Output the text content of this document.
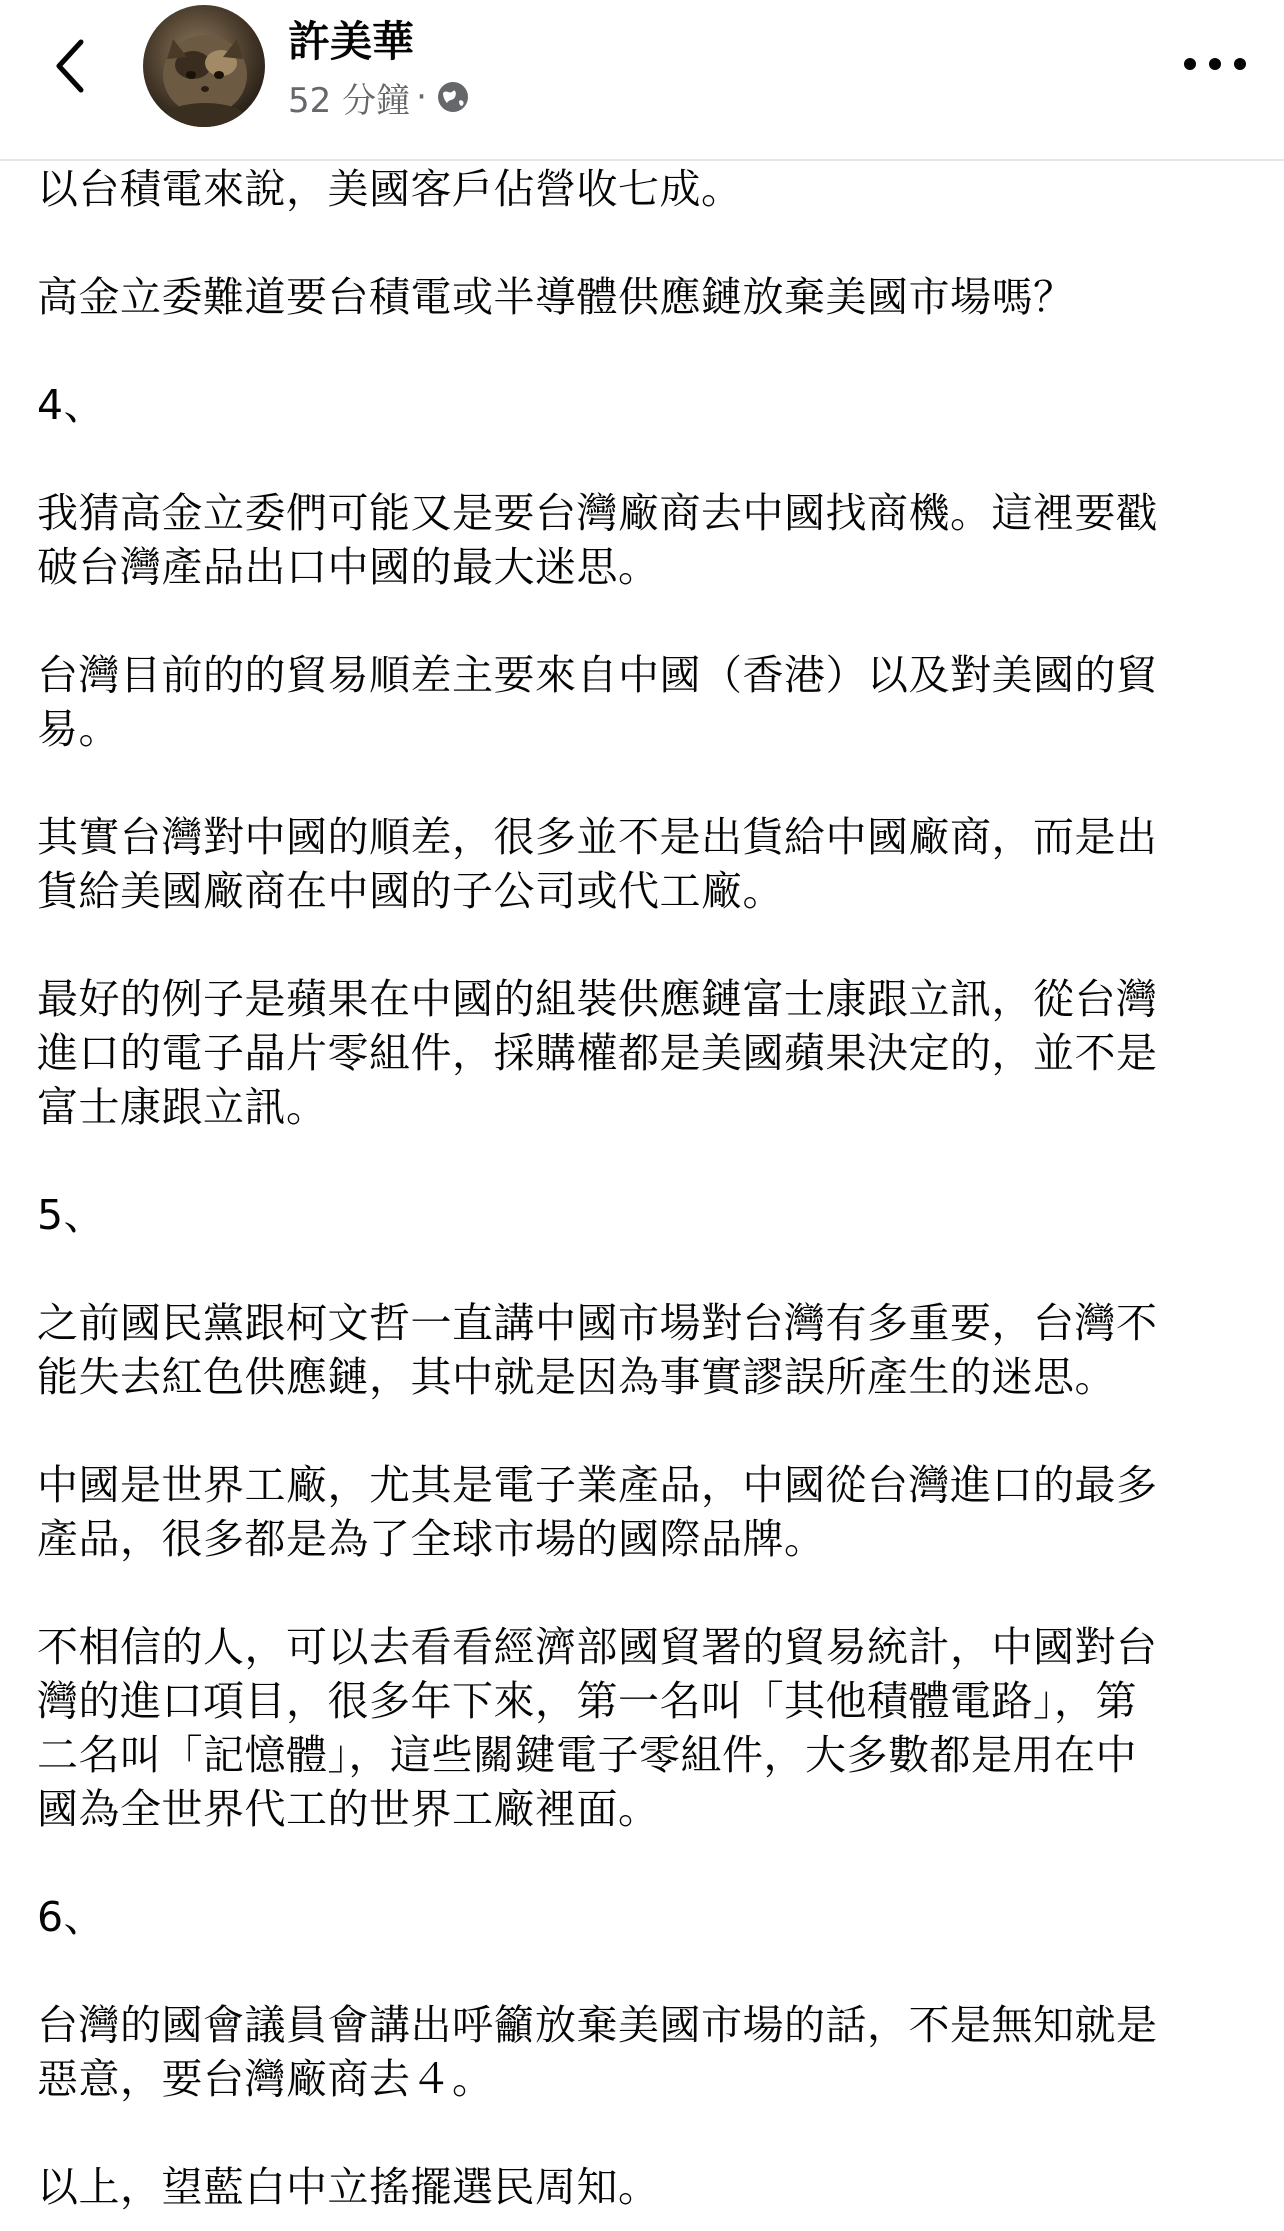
許美華
52 分鐘 ·

以台積電來說，美國客戶佔營收七成。

高金立委難道要台積電或半導體供應鏈放棄美國市場嗎？

4、

我猜高金立委們可能又是要台灣廠商去中國找商機。這裡要戳
破台灣產品出口中國的最大迷思。

台灣目前的的貿易順差主要來自中國（香港）以及對美國的貿
易。

其實台灣對中國的順差，很多並不是出貨給中國廠商，而是出
貨給美國廠商在中國的子公司或代工廠。

最好的例子是蘋果在中國的組裝供應鏈富士康跟立訊，從台灣
進口的電子晶片零組件，採購權都是美國蘋果決定的，並不是
富士康跟立訊。

5、

之前國民黨跟柯文哲一直講中國市場對台灣有多重要，台灣不
能失去紅色供應鏈，其中就是因為事實謬誤所產生的迷思。

中國是世界工廠，尤其是電子業產品，中國從台灣進口的最多
產品，很多都是為了全球市場的國際品牌。

不相信的人，可以去看看經濟部國貿署的貿易統計，中國對台
灣的進口項目，很多年下來，第一名叫「其他積體電路」，第
二名叫「記憶體」，這些關鍵電子零組件，大多數都是用在中
國為全世界代工的世界工廠裡面。

6、

台灣的國會議員會講出呼籲放棄美國市場的話，不是無知就是
惡意，要台灣廠商去４。

以上，望藍白中立搖擺選民周知。
